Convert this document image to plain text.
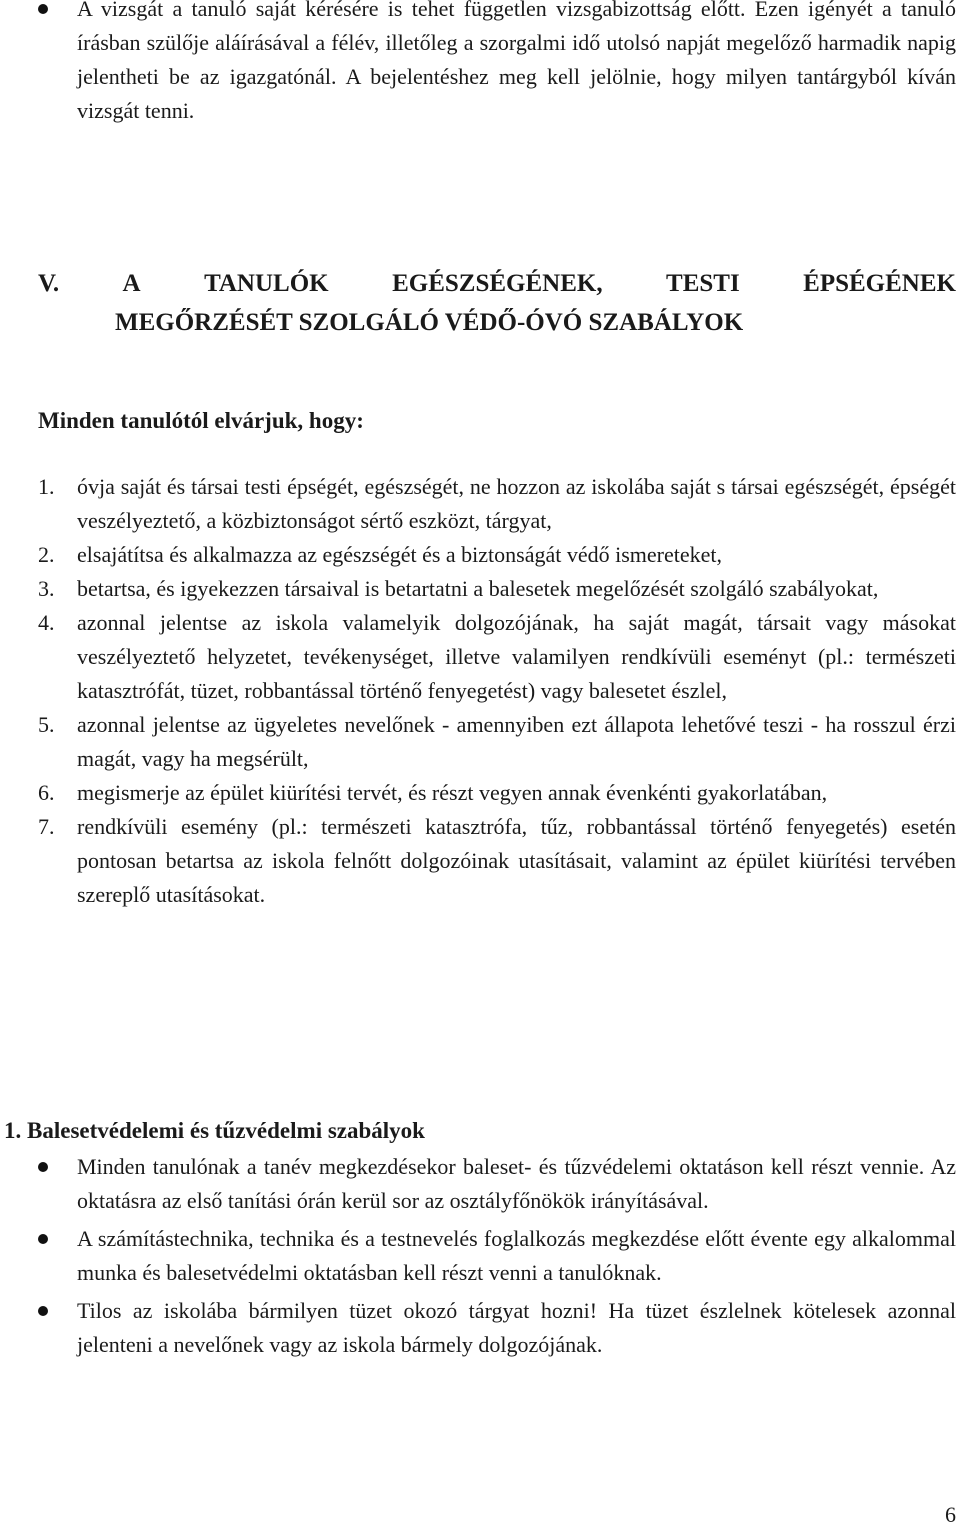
A vizsgát a tanuló saját kérésére is tehet független vizsgabizottság előtt. Ezen igényét a tanuló írásban szülője aláírásával a félév, illetőleg a szorgalmi idő utolsó napját megelőző harmadik napig jelentheti be az igazgatónál. A bejelentéshez meg kell jelölnie, hogy milyen tantárgyból kíván vizsgát tenni.
V.	A	TANULÓK	EGÉSZSÉGÉNEK,	TESTI	ÉPSÉGÉNEK
MEGŐRZÉSÉT SZOLGÁLÓ VÉDŐ-ÓVÓ SZABÁLYOK
Minden tanulótól elvárjuk, hogy:
1. óvja saját és társai testi épségét, egészségét, ne hozzon az iskolába saját s társai egészségét, épségét veszélyeztető, a közbiztonságot sértő eszközt, tárgyat,
2. elsajátítsa és alkalmazza az egészségét és a biztonságát védő ismereteket,
3. betartsa, és igyekezzen társaival is betartatni a balesetek megelőzését szolgáló szabályokat,
4. azonnal jelentse az iskola valamelyik dolgozójának, ha saját magát, társait vagy másokat veszélyeztető helyzetet, tevékenységet, illetve valamilyen rendkívüli eseményt (pl.: természeti katasztrófát, tüzet, robbantással történő fenyegetést) vagy balesetet észlel,
5. azonnal jelentse az ügyeletes nevelőnek - amennyiben ezt állapota lehetővé teszi - ha rosszul érzi magát, vagy ha megsérült,
6. megismerje az épület kiürítési tervét, és részt vegyen annak évenkénti gyakorlatában,
7. rendkívüli esemény (pl.: természeti katasztrófa, tűz, robbantással történő fenyegetés) esetén pontosan betartsa az iskola felnőtt dolgozóinak utasításait, valamint az épület kiürítési tervében szereplő utasításokat.
1. Balesetvédelemi és tűzvédelmi szabályok
Minden tanulónak a tanév megkezdésekor baleset- és tűzvédelemi oktatáson kell részt vennie. Az oktatásra az első tanítási órán kerül sor az osztályfőnökök irányításával.
A számítástechnika, technika és a testnevelés foglalkozás megkezdése előtt évente egy alkalommal munka és balesetvédelmi oktatásban kell részt venni a tanulóknak.
Tilos az iskolába bármilyen tüzet okozó tárgyat hozni! Ha tüzet észlelnek kötelesek azonnal jelenteni a nevelőnek vagy az iskola bármely dolgozójának.
6
